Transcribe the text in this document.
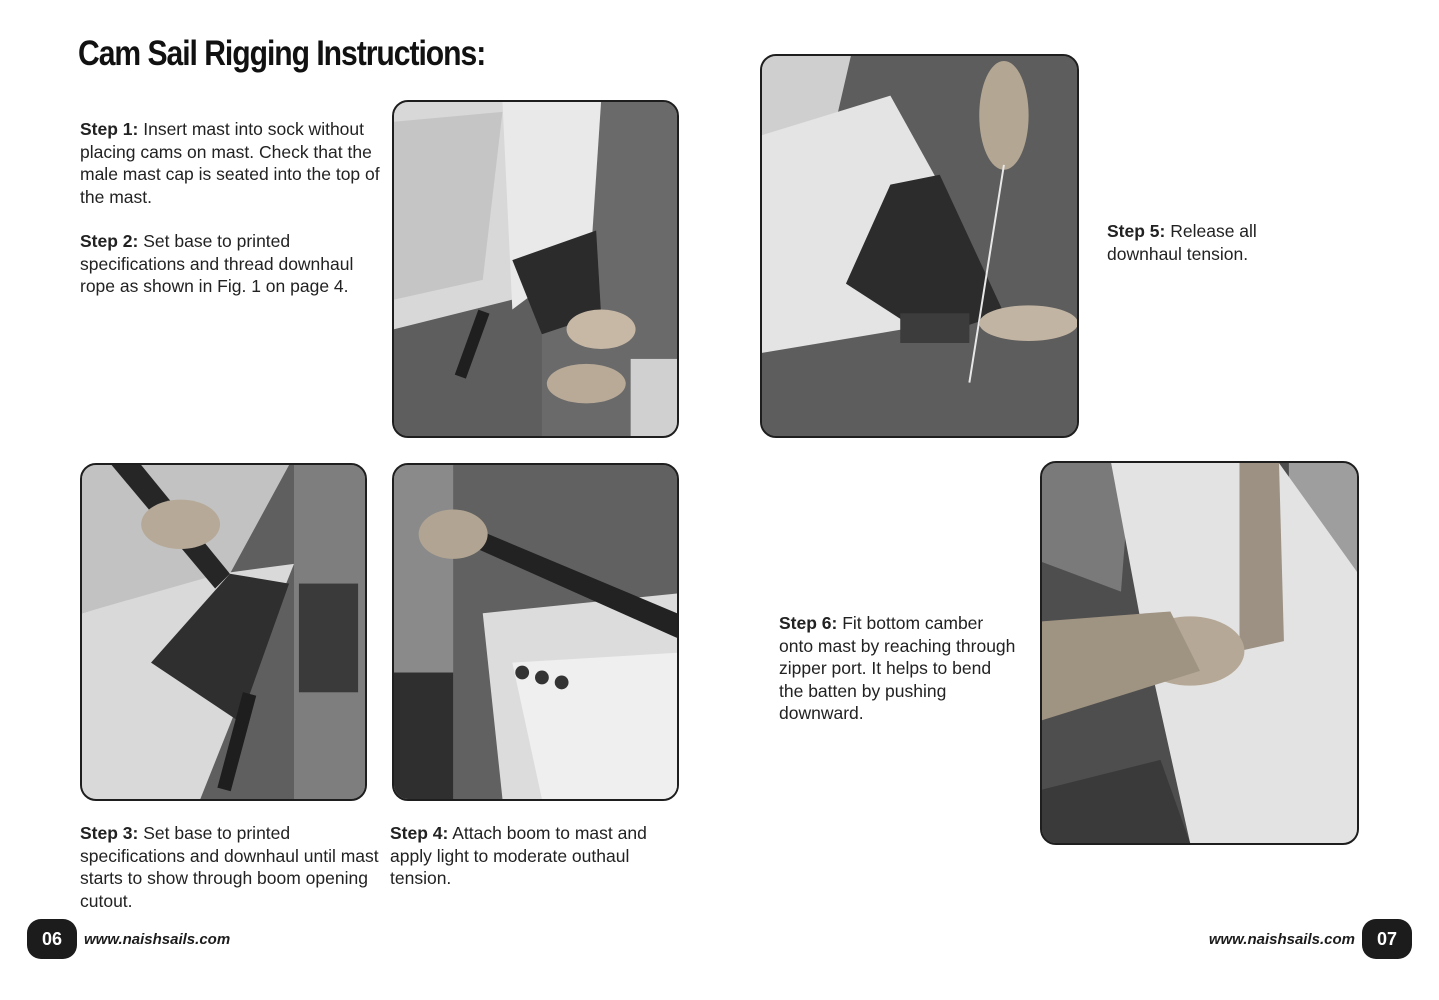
Cam Sail Rigging Instructions:

Step 1: Insert mast into sock without placing cams on mast. Check that the male mast cap is seated into the top of the mast.

Step 2: Set base to printed specifications and thread downhaul rope as shown in Fig. 1 on page 4.

Step 5: Release all downhaul tension.
Step 3: Set base to printed specifications and downhaul until mast starts to show through boom opening cutout.
Step 4: Attach boom to mast and apply light to moderate outhaul tension.
Step 6: Fit bottom camber onto mast by reaching through zipper port. It helps to bend the batten by pushing downward.
06	www.naishsails.com	www.naishsails.com	07
